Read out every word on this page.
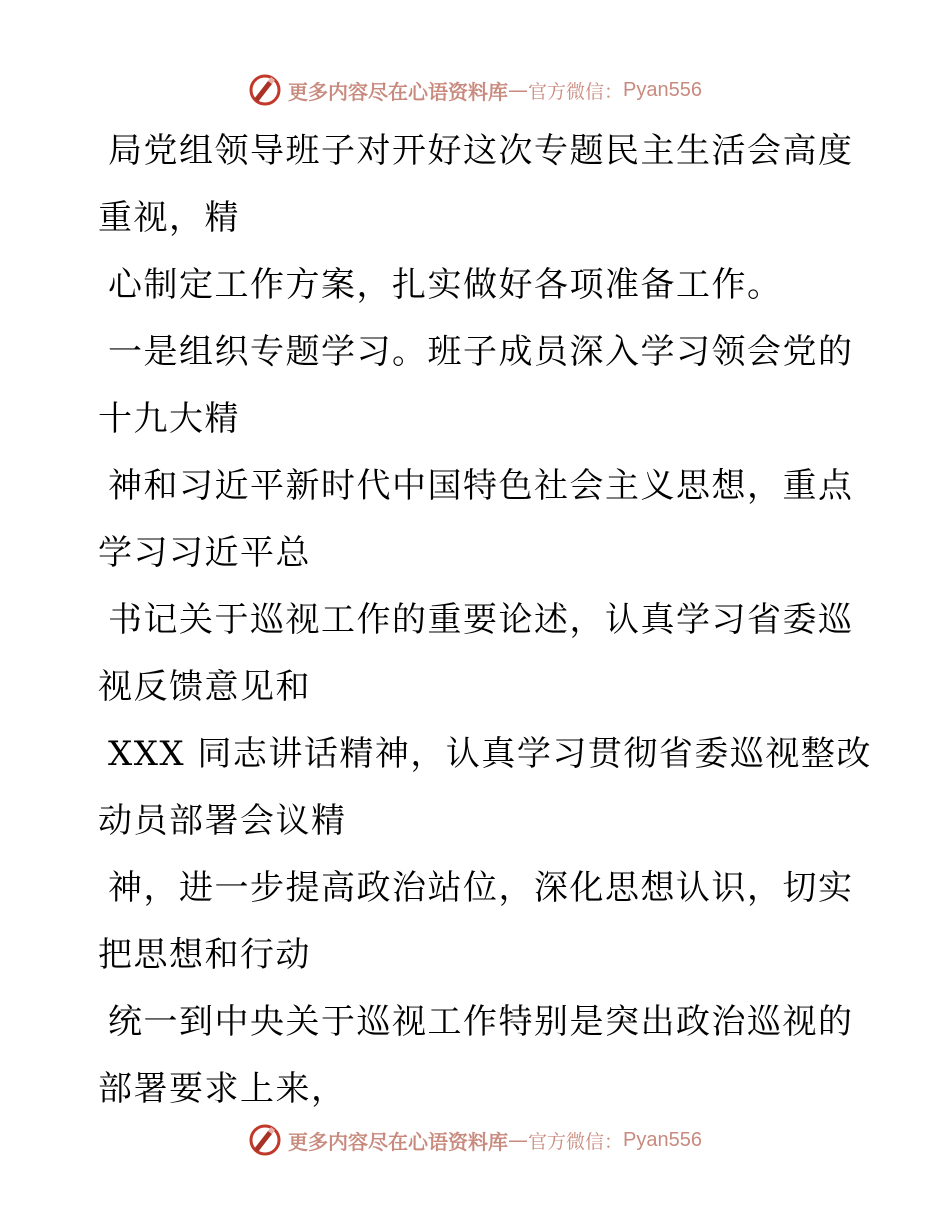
更多内容尽在心语资料库 — 官方微信： Pyan556
局党组领导班子对开好这次专题民主生活会高度
重视，精
心制定工作方案，扎实做好各项准备工作。
一是组织专题学习。班子成员深入学习领会党的
十九大精
神和习近平新时代中国特色社会主义思想，重点
学习习近平总
书记关于巡视工作的重要论述，认真学习省委巡
视反馈意见和
XXX 同志讲话精神，认真学习贯彻省委巡视整改
动员部署会议精
神，进一步提高政治站位，深化思想认识，切实
把思想和行动
统一到中央关于巡视工作特别是突出政治巡视的
部署要求上来，
更多内容尽在心语资料库 — 官方微信： Pyan556
